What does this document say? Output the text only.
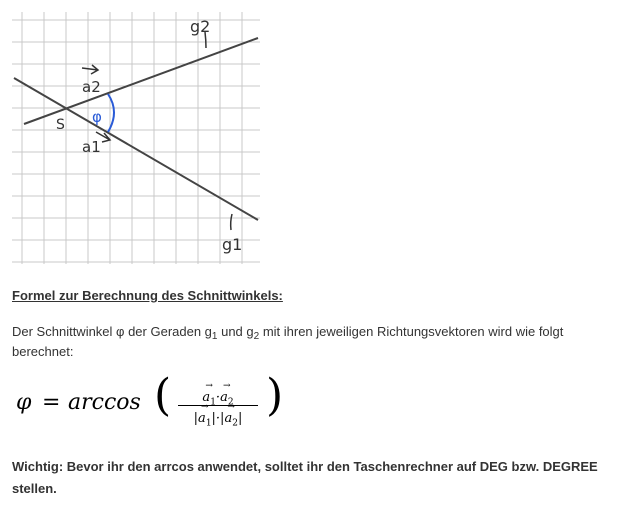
g2
g1
a2
a1
S φ
Formel zur Berechnung des Schnittwinkels:
Der Schnittwinkel φ der Geraden $g_1$ und $g_2$ mit ihren jeweiligen Richtungsvektoren wird wie folgt berechnet:
φ = arccos (
→	$a_1\cdot\to a_2$
|→ $a_1|\cdot|\to a_2|$ )
Wichtig: Bevor ihr den arrcos anwendet, solltet ihr den Taschenrechner auf DEG bzw. DEGREE stellen.
